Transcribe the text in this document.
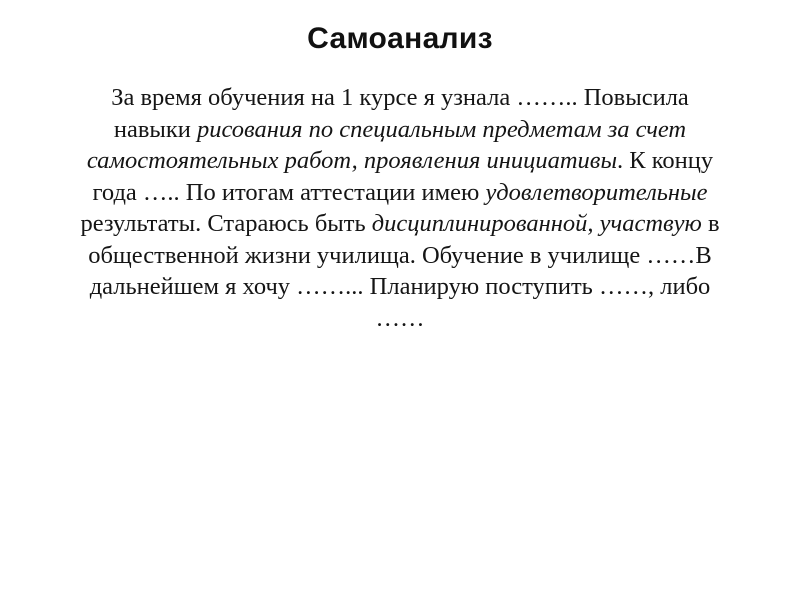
Самоанализ
За время обучения на 1 курсе я узнала …….. Повысила
навыки рисования по специальным предметам за счет
самостоятельных работ, проявления инициативы. К концу
года ….. По итогам аттестации имею удовлетворительные
результаты. Стараюсь быть дисциплинированной, участвую в
общественной жизни училища. Обучение в училище ……В
дальнейшем я хочу ……... Планирую поступить ……, либо
……
